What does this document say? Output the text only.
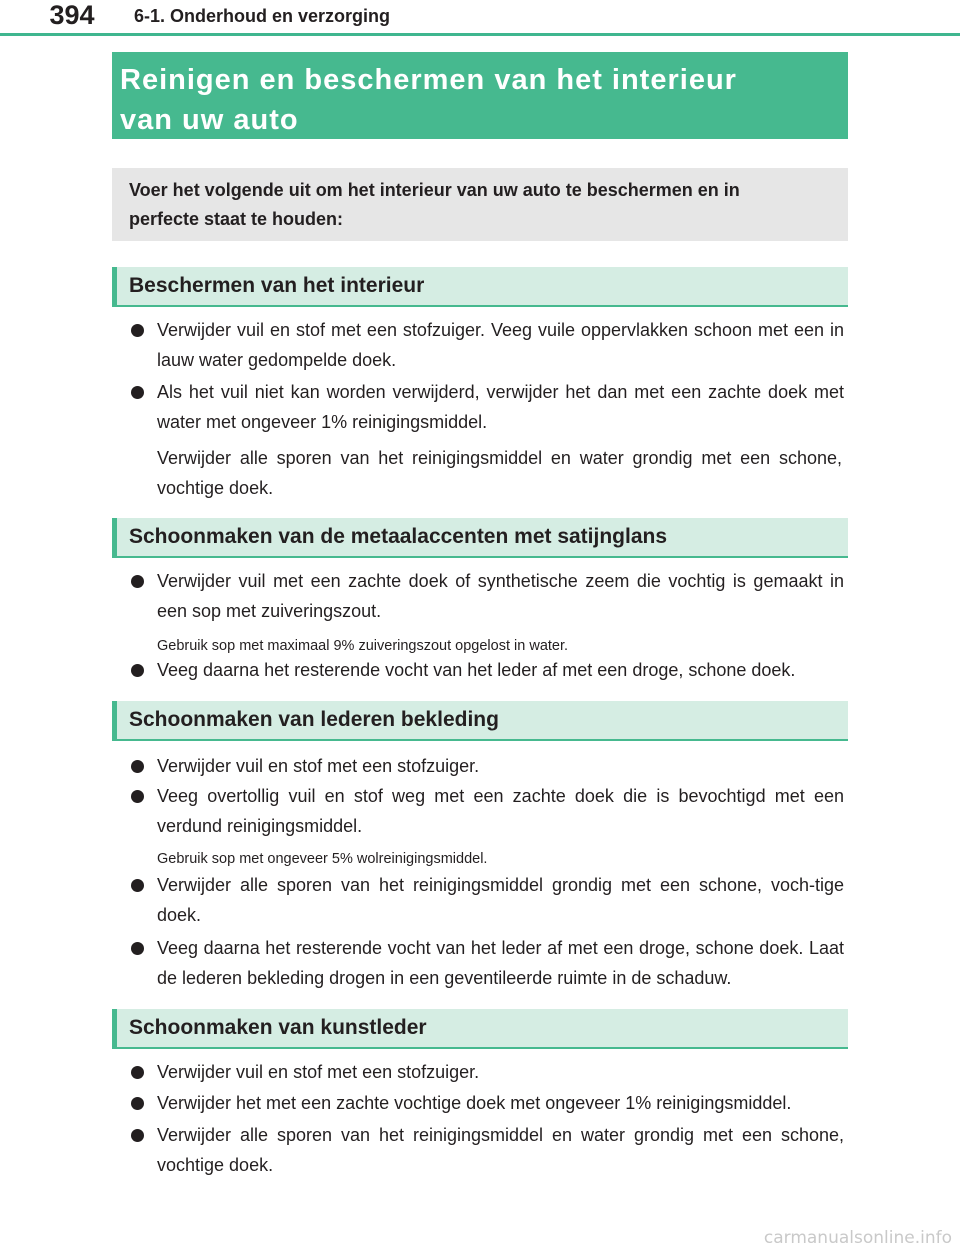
394	6-1. Onderhoud en verzorging
Reinigen en beschermen van het interieur
van uw auto
Voer het volgende uit om het interieur van uw auto te beschermen en in
perfecte staat te houden:
Beschermen van het interieur
Verwijder vuil en stof met een stofzuiger. Veeg vuile oppervlakken schoon met een in lauw water gedompelde doek.
Als het vuil niet kan worden verwijderd, verwijder het dan met een zachte doek met water met ongeveer 1% reinigingsmiddel.
Verwijder alle sporen van het reinigingsmiddel en water grondig met een schone, vochtige doek.
Schoonmaken van de metaalaccenten met satijnglans
Verwijder vuil met een zachte doek of synthetische zeem die vochtig is gemaakt in een sop met zuiveringszout.
Gebruik sop met maximaal 9% zuiveringszout opgelost in water.
Veeg daarna het resterende vocht van het leder af met een droge, schone doek.
Schoonmaken van lederen bekleding
Verwijder vuil en stof met een stofzuiger.
Veeg overtollig vuil en stof weg met een zachte doek die is bevochtigd met een verdund reinigingsmiddel.
Gebruik sop met ongeveer 5% wolreinigingsmiddel.
Verwijder alle sporen van het reinigingsmiddel grondig met een schone, voch-tige doek.
Veeg daarna het resterende vocht van het leder af met een droge, schone doek. Laat de lederen bekleding drogen in een geventileerde ruimte in de schaduw.
Schoonmaken van kunstleder
Verwijder vuil en stof met een stofzuiger.
Verwijder het met een zachte vochtige doek met ongeveer 1% reinigingsmiddel.
Verwijder alle sporen van het reinigingsmiddel en water grondig met een schone, vochtige doek.
carmanualsonline.info
